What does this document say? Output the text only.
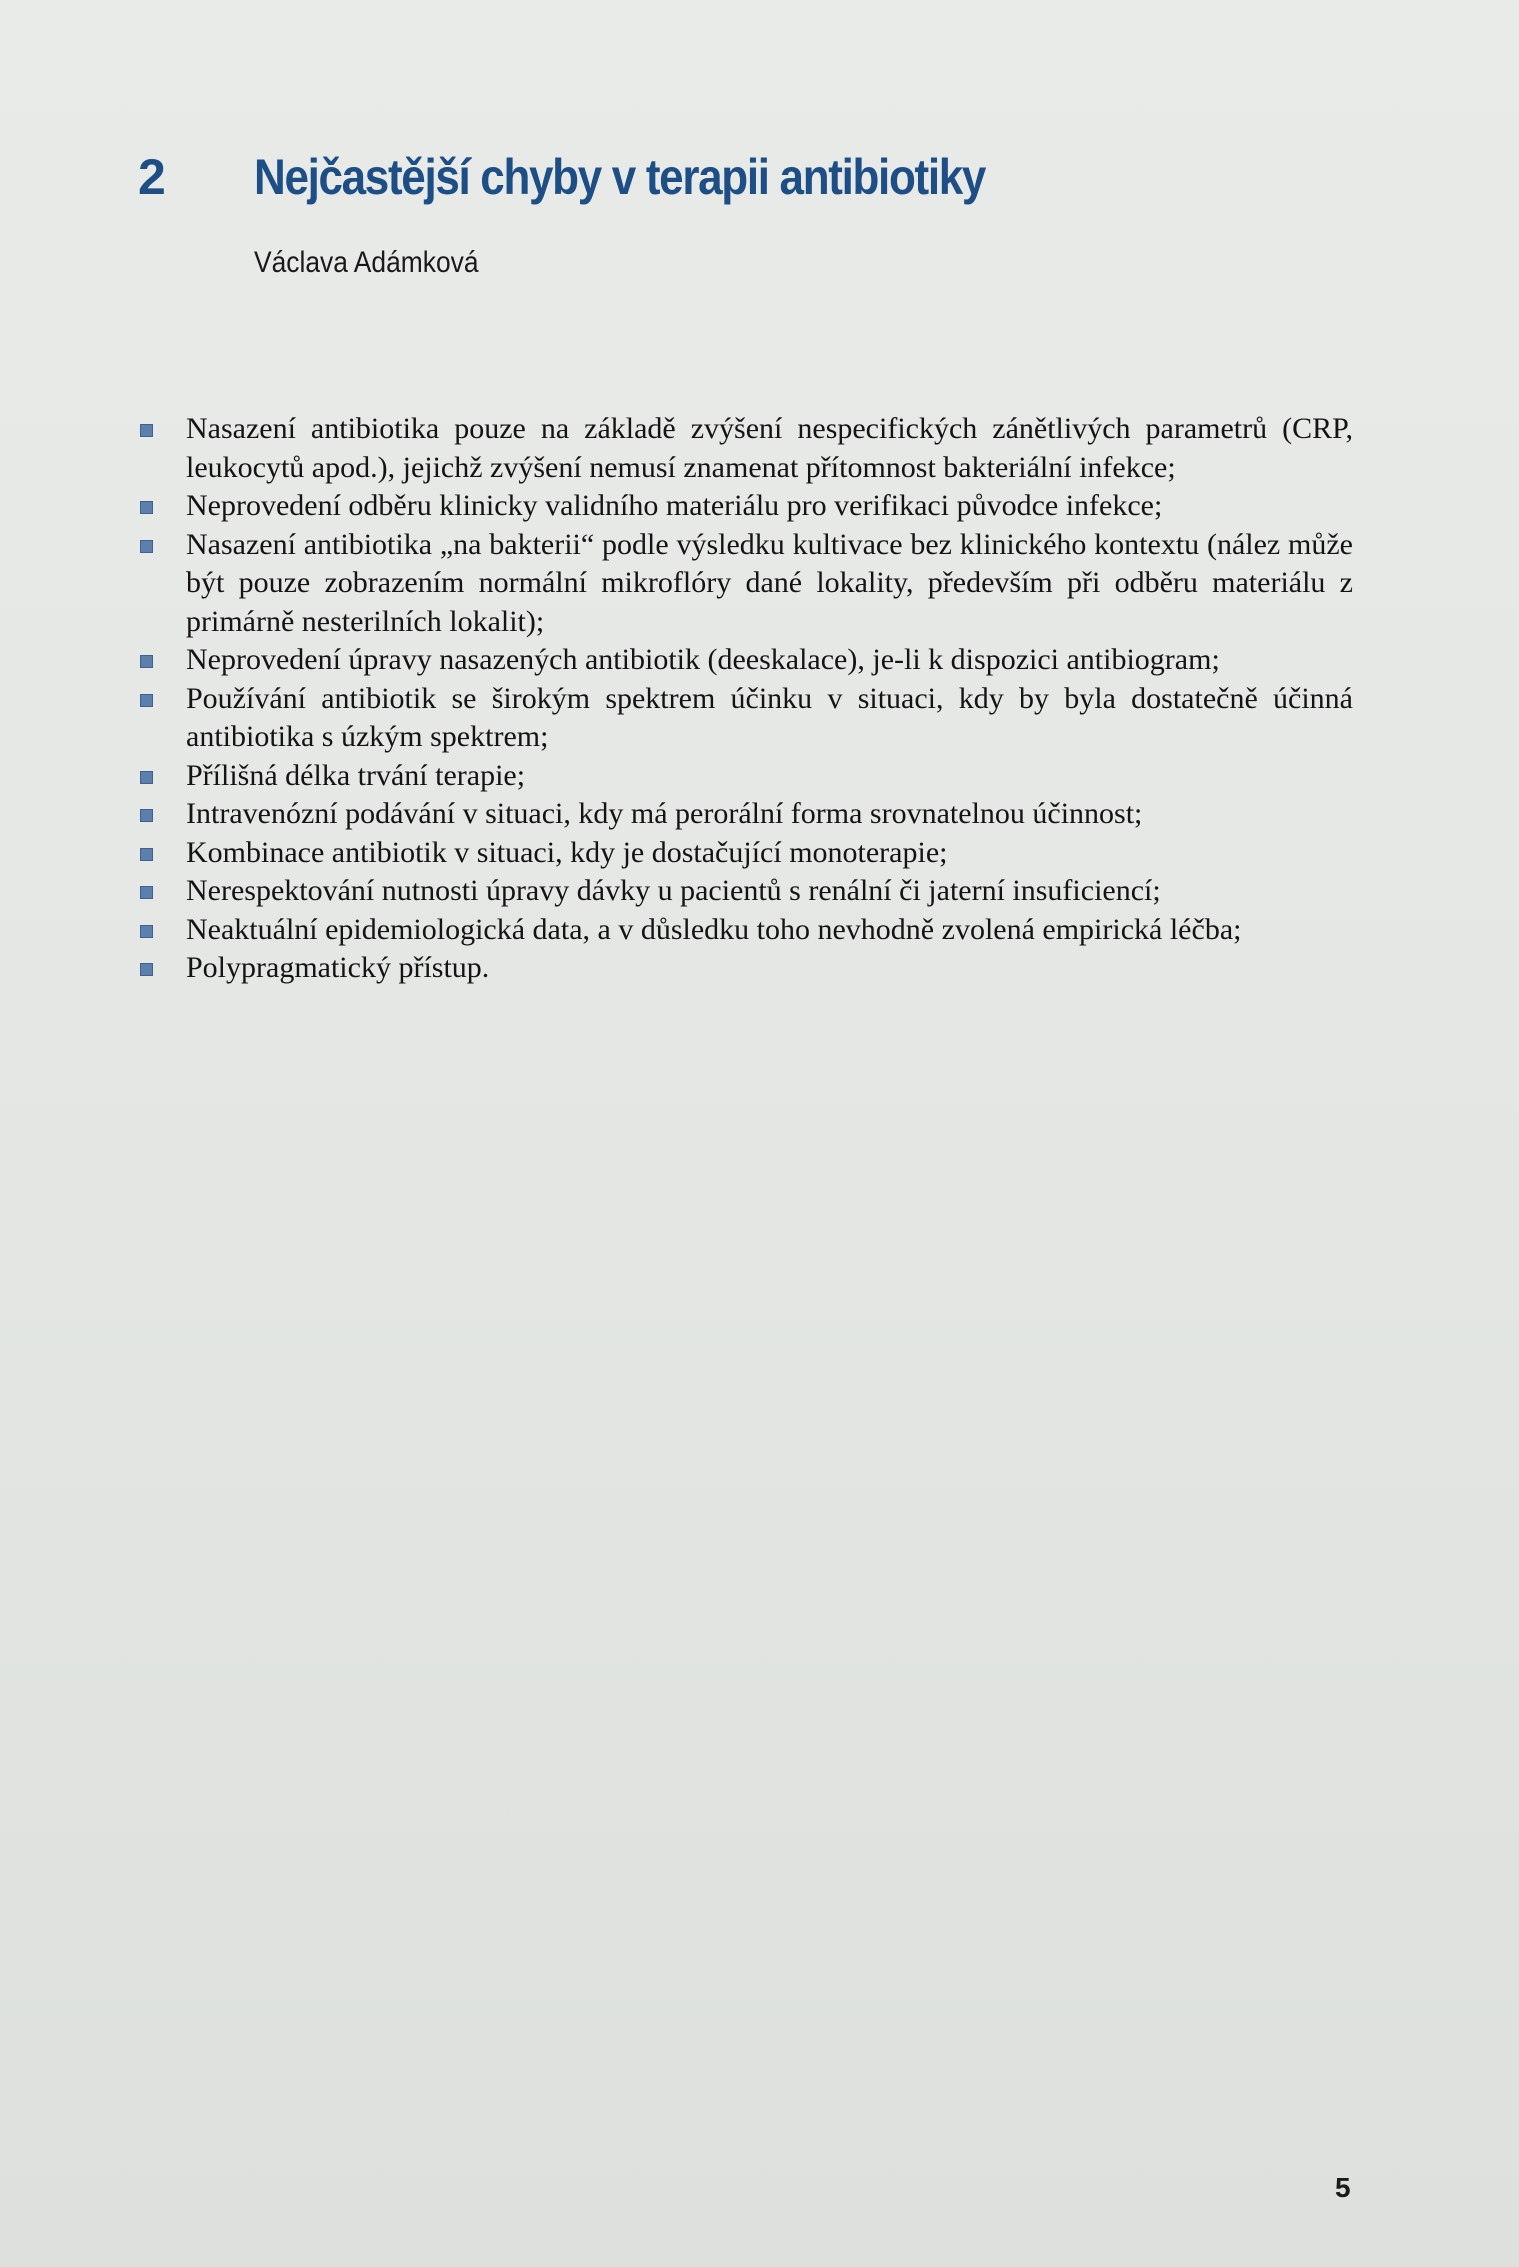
2 Nejčastější chyby v terapii antibiotiky
Václava Adámková
Nasazení antibiotika pouze na základě zvýšení nespecifických zánětlivých parametrů (CRP, leukocytů apod.), jejichž zvýšení nemusí znamenat přítomnost bakteriální infekce;
Neprovedení odběru klinicky validního materiálu pro verifikaci původce infekce;
Nasazení antibiotika „na bakterii“ podle výsledku kultivace bez klinického kontextu (nález může být pouze zobrazením normální mikroflóry dané lokality, především při odběru materiálu z primárně nesterilních lokalit);
Neprovedení úpravy nasazených antibiotik (deeskalace), je-li k dispozici antibiogram;
Používání antibiotik se širokým spektrem účinku v situaci, kdy by byla dostatečně účinná antibiotika s úzkým spektrem;
Přílišná délka trvání terapie;
Intravenózní podávání v situaci, kdy má perorální forma srovnatelnou účinnost;
Kombinace antibiotik v situaci, kdy je dostačující monoterapie;
Nerespektování nutnosti úpravy dávky u pacientů s renální či jaterní insuficiencí;
Neaktuální epidemiologická data, a v důsledku toho nevhodně zvolená empirická léčba;
Polypragmatický přístup.
5
